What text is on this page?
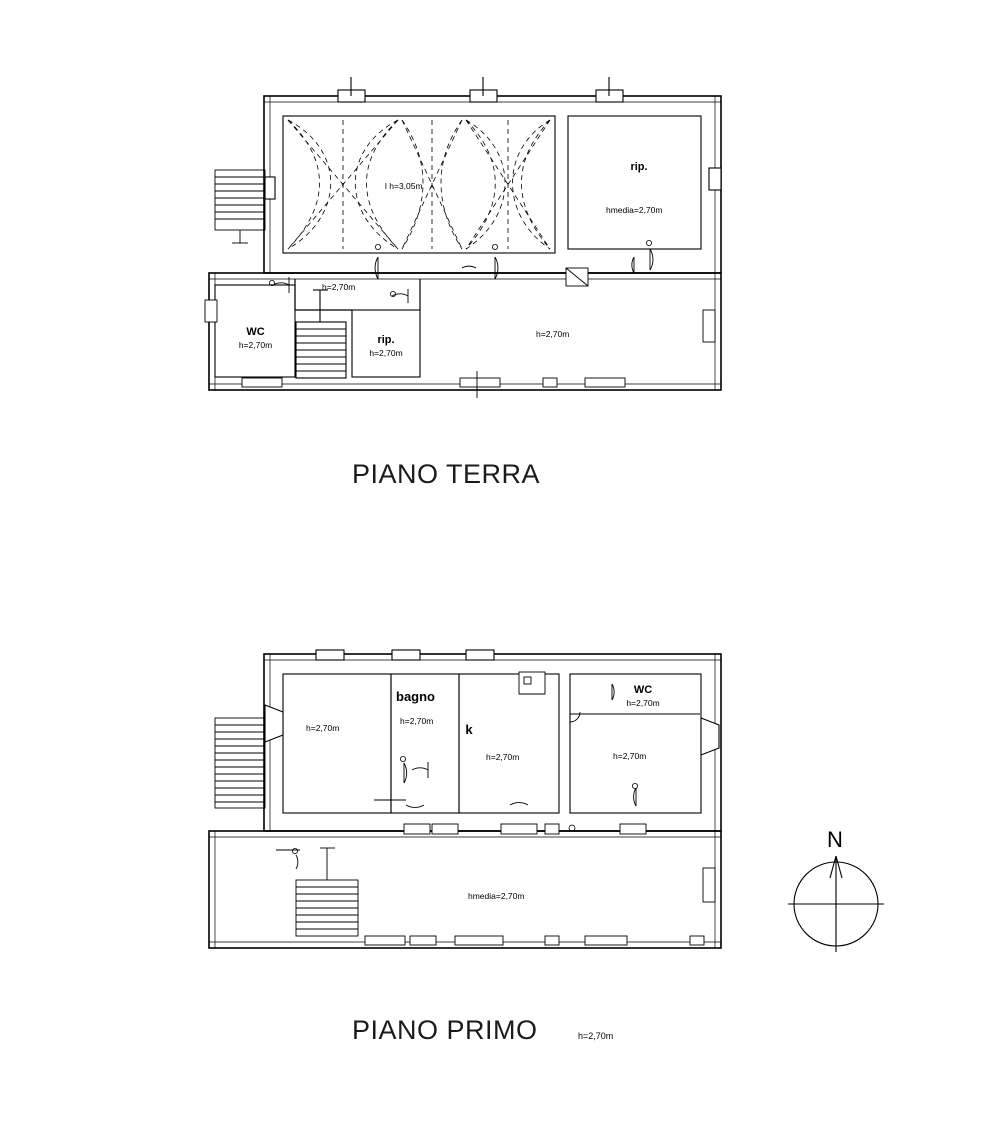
PIANO TERRA
PIANO PRIMO	h=2,70m
l h=3,05m
rip.
hmedia=2,70m
WC
h=2,70m	rip.
h=2,70m
h=2,70m
h=2,70m
h=2,70m
bagno
h=2,70m
k
h=2,70m
WC
h=2,70m
h=2,70m
hmedia=2,70m
N
